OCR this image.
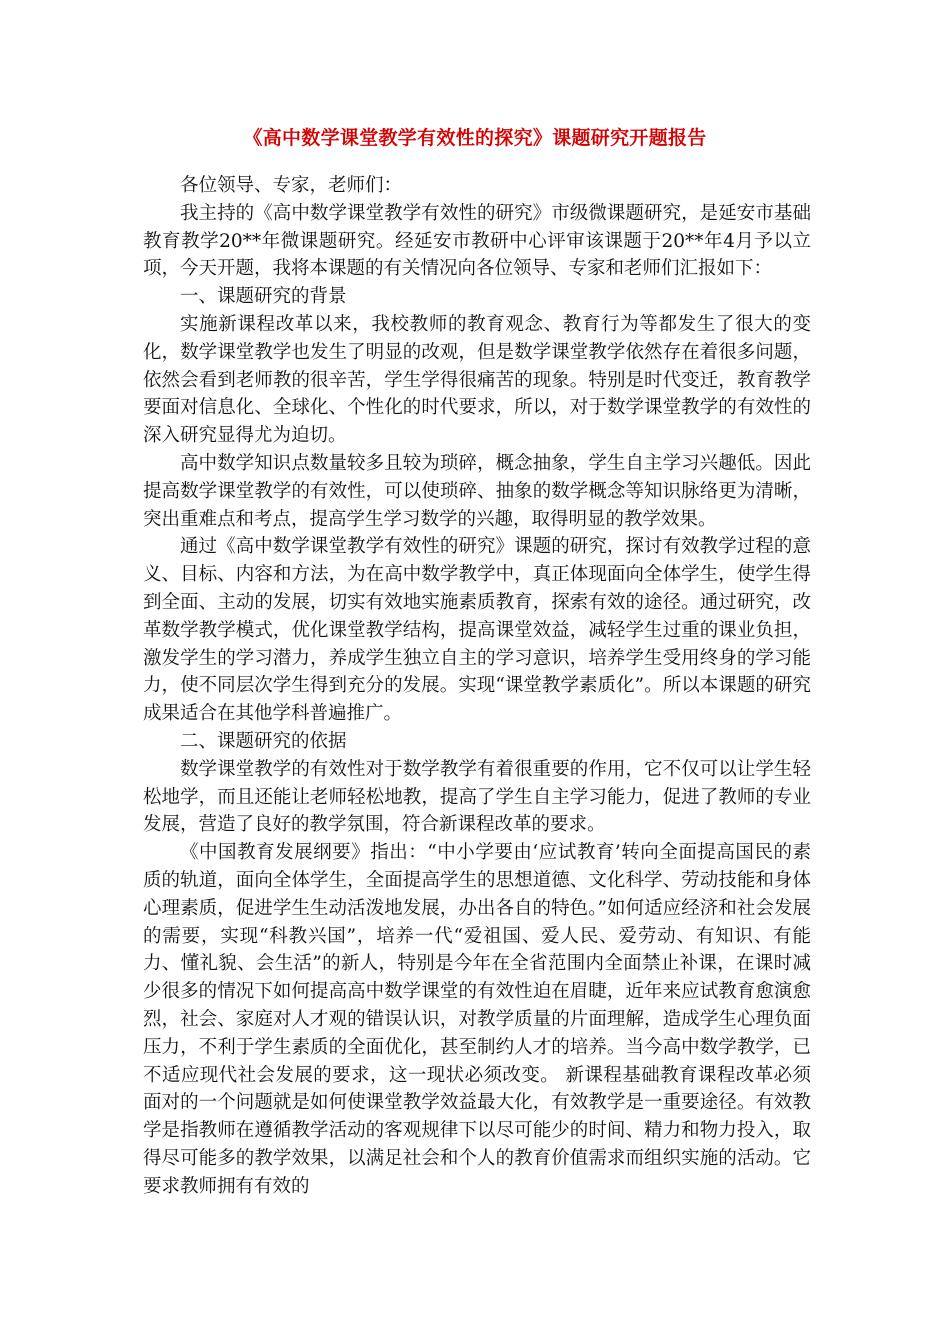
《高中数学课堂教学有效性的探究》课题研究开题报告

各位领导、专家，老师们：

我主持的《高中数学课堂教学有效性的研究》市级微课题研究，是延安市基础教育教学20**年微课题研究。经延安市教研中心评审该课题于20**年4月予以立项，今天开题，我将本课题的有关情况向各位领导、专家和老师们汇报如下：

一、课题研究的背景

实施新课程改革以来，我校教师的教育观念、教育行为等都发生了很大的变化，数学课堂教学也发生了明显的改观，但是数学课堂教学依然存在着很多问题，依然会看到老师教的很辛苦，学生学得很痛苦的现象。特别是时代变迁，教育教学要面对信息化、全球化、个性化的时代要求，所以，对于数学课堂教学的有效性的深入研究显得尤为迫切。

高中数学知识点数量较多且较为琐碎，概念抽象，学生自主学习兴趣低。因此提高数学课堂教学的有效性，可以使琐碎、抽象的数学概念等知识脉络更为清晰，突出重难点和考点，提高学生学习数学的兴趣，取得明显的教学效果。

通过《高中数学课堂教学有效性的研究》课题的研究，探讨有效教学过程的意义、目标、内容和方法，为在高中数学教学中，真正体现面向全体学生，使学生得到全面、主动的发展，切实有效地实施素质教育，探索有效的途径。通过研究，改革数学教学模式，优化课堂教学结构，提高课堂效益，减轻学生过重的课业负担，激发学生的学习潜力，养成学生独立自主的学习意识，培养学生受用终身的学习能力，使不同层次学生得到充分的发展。实现“课堂教学素质化”。所以本课题的研究成果适合在其他学科普遍推广。

二、课题研究的依据

数学课堂教学的有效性对于数学教学有着很重要的作用，它不仅可以让学生轻松地学，而且还能让老师轻松地教，提高了学生自主学习能力，促进了教师的专业发展，营造了良好的教学氛围，符合新课程改革的要求。

《中国教育发展纲要》指出：“中小学要由‘应试教育’转向全面提高国民的素质的轨道，面向全体学生，全面提高学生的思想道德、文化科学、劳动技能和身体心理素质，促进学生生动活泼地发展，办出各自的特色。”如何适应经济和社会发展的需要，实现“科教兴国”，培养一代“爱祖国、爱人民、爱劳动、有知识、有能力、懂礼貌、会生活”的新人，特别是今年在全省范围内全面禁止补课，在课时减少很多的情况下如何提高高中数学课堂的有效性迫在眉睫，近年来应试教育愈演愈烈，社会、家庭对人才观的错误认识，对教学质量的片面理解，造成学生心理负面压力，不利于学生素质的全面优化，甚至制约人才的培养。当今高中数学教学，已不适应现代社会发展的要求，这一现状必须改变。 新课程基础教育课程改革必须面对的一个问题就是如何使课堂教学效益最大化，有效教学是一重要途径。有效教学是指教师在遵循教学活动的客观规律下以尽可能少的时间、精力和物力投入，取得尽可能多的教学效果，以满足社会和个人的教育价值需求而组织实施的活动。它要求教师拥有有效的
